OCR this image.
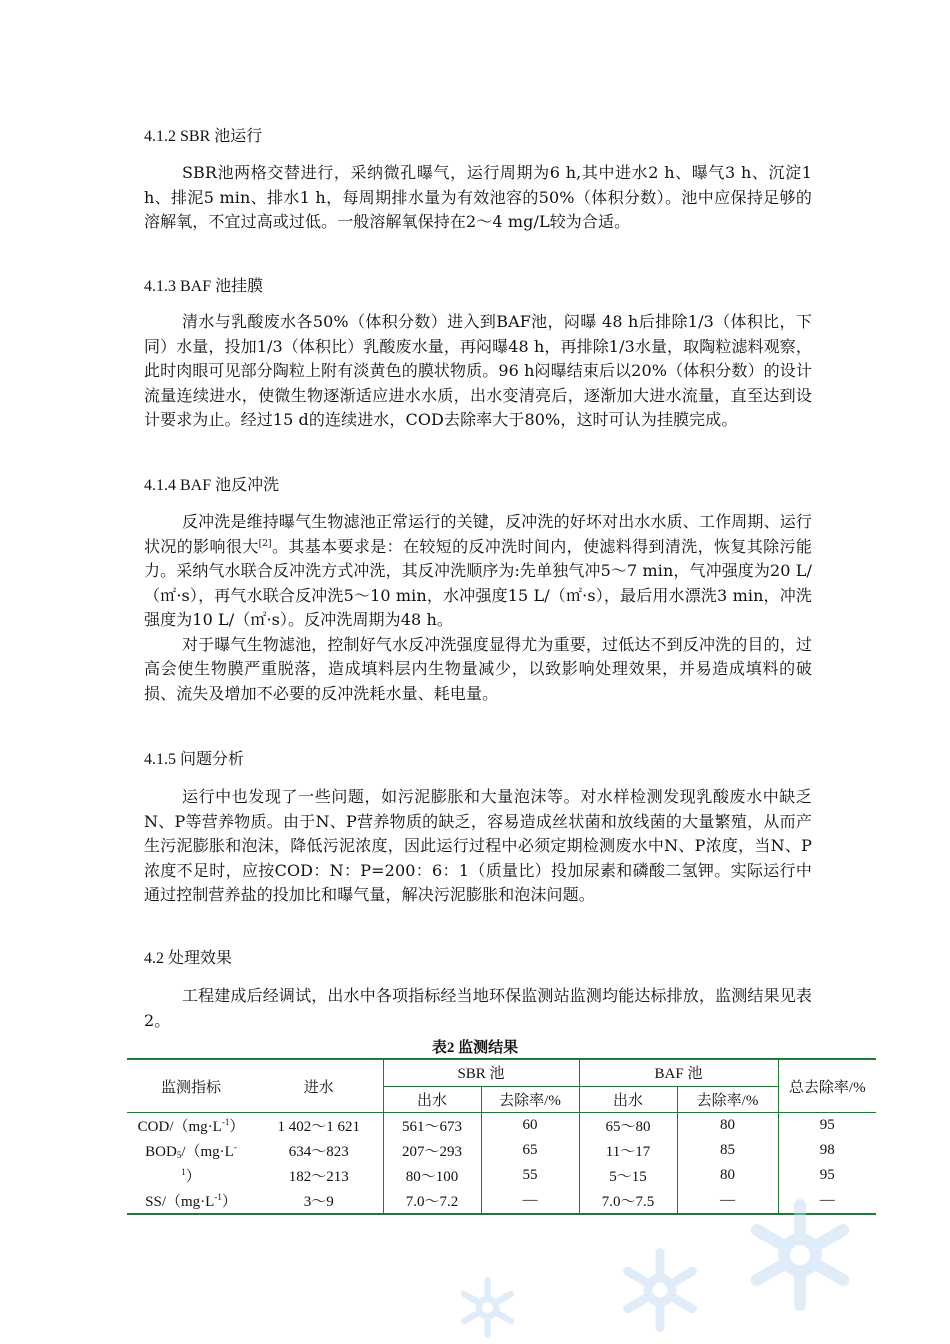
4.1.2 SBR 池运行

SBR池两格交替进行，采纳微孔曝气，运行周期为6 h,其中进水2 h、曝气3 h、沉淀1 h、排泥5 min、排水1 h，每周期排水量为有效池容的50%（体积分数）。池中应保持足够的溶解氧，不宜过高或过低。一般溶解氧保持在2～4 mg/L较为合适。

4.1.3 BAF 池挂膜

清水与乳酸废水各50%（体积分数）进入到BAF池，闷曝 48 h后排除1/3（体积比，下同）水量，投加1/3（体积比）乳酸废水量，再闷曝48 h，再排除1/3水量，取陶粒滤料观察，此时肉眼可见部分陶粒上附有淡黄色的膜状物质。96 h闷曝结束后以20%（体积分数）的设计流量连续进水，使微生物逐渐适应进水水质，出水变清亮后，逐渐加大进水流量，直至达到设计要求为止。经过15 d的连续进水，COD去除率大于80%，这时可认为挂膜完成。

4.1.4 BAF 池反冲洗

反冲洗是维持曝气生物滤池正常运行的关键，反冲洗的好坏对出水水质、工作周期、运行状况的影响很大[2]。其基本要求是：在较短的反冲洗时间内，使滤料得到清洗，恢复其除污能力。采纳气水联合反冲洗方式冲洗，其反冲洗顺序为:先单独气冲5～7 min，气冲强度为20 L/（㎡·s），再气水联合反冲洗5～10 min，水冲强度15 L/（㎡·s），最后用水漂洗3 min，冲洗强度为10 L/（㎡·s）。反冲洗周期为48 h。

对于曝气生物滤池，控制好气水反冲洗强度显得尤为重要，过低达不到反冲洗的目的，过高会使生物膜严重脱落，造成填料层内生物量减少，以致影响处理效果，并易造成填料的破损、流失及增加不必要的反冲洗耗水量、耗电量。

4.1.5 问题分析

运行中也发现了一些问题，如污泥膨胀和大量泡沫等。对水样检测发现乳酸废水中缺乏N、P等营养物质。由于N、P营养物质的缺乏，容易造成丝状菌和放线菌的大量繁殖，从而产生污泥膨胀和泡沫，降低污泥浓度，因此运行过程中必须定期检测废水中N、P浓度，当N、P浓度不足时，应按COD：N：P=200：6：1（质量比）投加尿素和磷酸二氢钾。实际运行中通过控制营养盐的投加比和曝气量，解决污泥膨胀和泡沫问题。

4.2 处理效果

工程建成后经调试，出水中各项指标经当地环保监测站监测均能达标排放，监测结果见表2。

表2 监测结果
监测指标	进水	SBR 池		BAF 池		总去除率/%
		出水	去除率/%	出水	去除率/%	
COD/$(mg\cdot L^{-1})$	1 402～1 621	561～673	60	65～80	80	95
$BOD_5/(mg\cdot L^-$	634～823	207～293	65	11～17	85	98
$^1$）	182～213	80～100	55	5～15	80	95
$SS/(mg\cdot L^{-1})$	3～9	7.0～7.2	—	7.0～7.5	—	—
